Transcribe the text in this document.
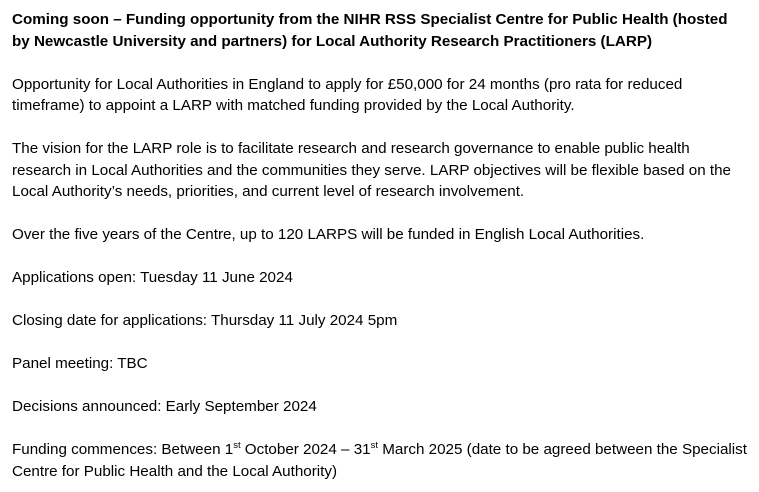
Coming soon – Funding opportunity from the NIHR RSS Specialist Centre for Public Health (hosted by Newcastle University and partners) for Local Authority Research Practitioners (LARP)

Opportunity for Local Authorities in England to apply for £50,000 for 24 months (pro rata for reduced timeframe) to appoint a LARP with matched funding provided by the Local Authority.

The vision for the LARP role is to facilitate research and research governance to enable public health research in Local Authorities and the communities they serve. LARP objectives will be flexible based on the Local Authority’s needs, priorities, and current level of research involvement.

Over the five years of the Centre, up to 120 LARPS will be funded in English Local Authorities.

Applications open: Tuesday 11 June 2024

Closing date for applications: Thursday 11 July 2024 5pm

Panel meeting: TBC

Decisions announced: Early September 2024

Funding commences: Between 1st October 2024 – 31st March 2025 (date to be agreed between the Specialist Centre for Public Health and the Local Authority)
